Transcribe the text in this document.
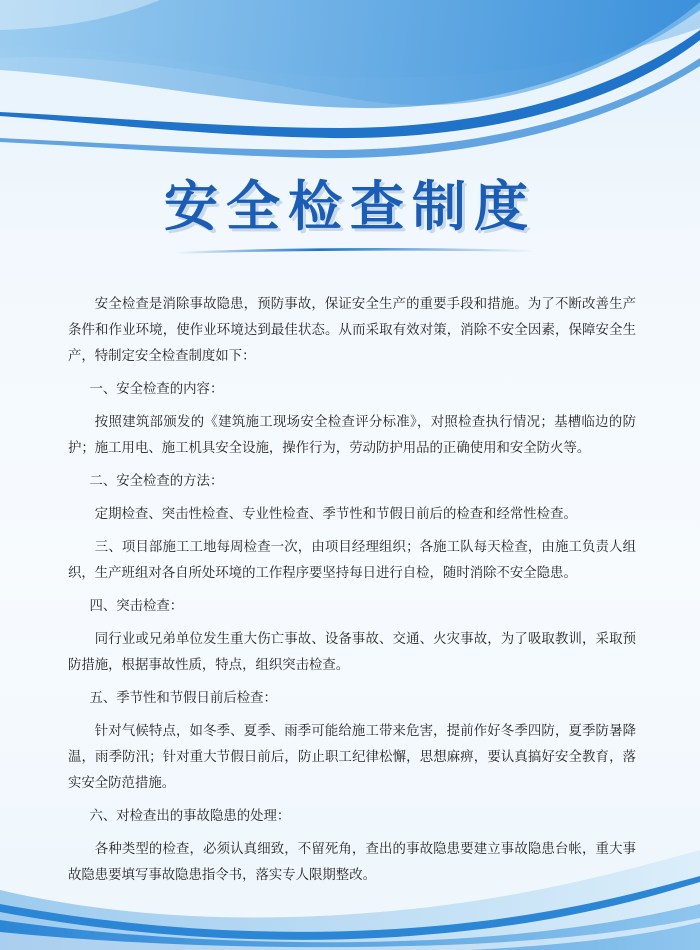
安全检查制度

安全检查是消除事故隐患，预防事故，保证安全生产的重要手段和措施。为了不断改善生产条件和作业环境，使作业环境达到最佳状态。从而采取有效对策，消除不安全因素，保障安全生产，特制定安全检查制度如下：

一、安全检查的内容：

按照建筑部颁发的《建筑施工现场安全检查评分标准》，对照检查执行情况；基槽临边的防护；施工用电、施工机具安全设施，操作行为，劳动防护用品的正确使用和安全防火等。

二、安全检查的方法：

定期检查、突击性检查、专业性检查、季节性和节假日前后的检查和经常性检查。

三、项目部施工工地每周检查一次，由项目经理组织；各施工队每天检查，由施工负责人组织，生产班组对各自所处环境的工作程序要坚持每日进行自检，随时消除不安全隐患。

四、突击检查：

同行业或兄弟单位发生重大伤亡事故、设备事故、交通、火灾事故，为了吸取教训，采取预防措施，根据事故性质，特点，组织突击检查。

五、季节性和节假日前后检查：

针对气候特点，如冬季、夏季、雨季可能给施工带来危害，提前作好冬季四防，夏季防暑降温，雨季防汛；针对重大节假日前后，防止职工纪律松懈，思想麻痹，要认真搞好安全教育，落实安全防范措施。

六、对检查出的事故隐患的处理：

各种类型的检查，必须认真细致，不留死角，查出的事故隐患要建立事故隐患台帐，重大事故隐患要填写事故隐患指令书，落实专人限期整改。
